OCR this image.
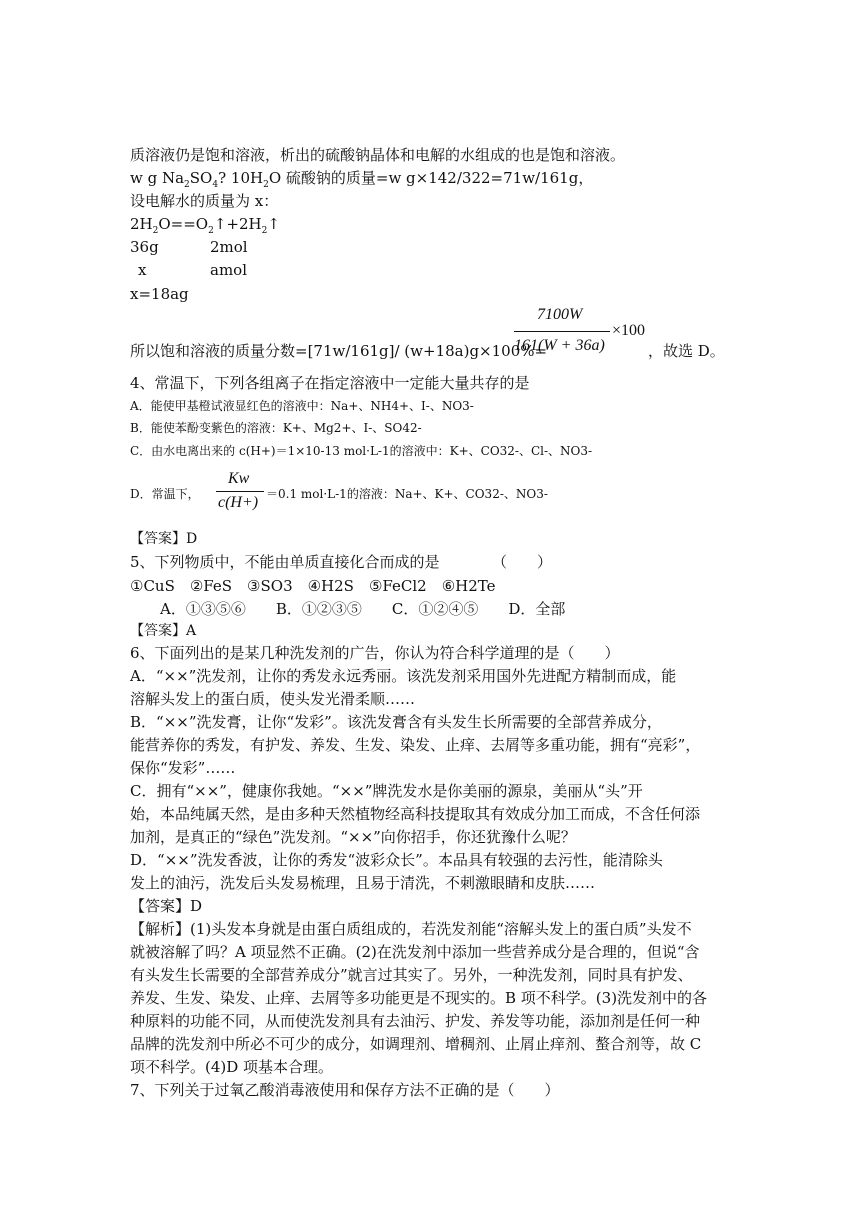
质溶液仍是饱和溶液，析出的硫酸钠晶体和电解的水组成的也是饱和溶液。
w g $Na_2SO_4$? $10H_2O$ 硫酸钠的质量=w g×142/322=71w/161g，
设电解水的质量为 x：
$2H_2O==O_2↑+2H_2↑$
36g	2mol
x	amol
x=18ag
所以饱和溶液的质量分数=[71w/161g]/ (w+18a)g×100%=
7100W
161(W + 36a)
×100
，故选 D。
4、常温下，下列各组离子在指定溶液中一定能大量共存的是
A．能使甲基橙试液显红色的溶液中：Na+、NH4+、I-、NO3-
B．能使苯酚变紫色的溶液：K+、Mg2+、I-、SO42-
C．由水电离出来的 c(H+)＝1×10-13 mol·L-1的溶液中：K+、CO32-、Cl-、NO3-
D．常温下，
Kw
c(H+) ＝0.1 mol·L-1的溶液：Na+、K+、CO32-、NO3-
【答案】D
5、下列物质中，不能由单质直接化合而成的是　　　　（　　）
①CuS　②FeS　③SO3　④H2S　⑤FeCl2　⑥H2Te
A．①③⑤⑥　　B．①②③⑤　　C．①②④⑤　　D．全部
【答案】A
6、下面列出的是某几种洗发剂的广告，你认为符合科学道理的是（　　）
A．“××”洗发剂，让你的秀发永远秀丽。该洗发剂采用国外先进配方精制而成，能
溶解头发上的蛋白质，使头发光滑柔顺……
B．“××”洗发膏，让你“发彩”。该洗发膏含有头发生长所需要的全部营养成分，
能营养你的秀发，有护发、养发、生发、染发、止痒、去屑等多重功能，拥有“亮彩”，
保你“发彩”……
C．拥有“××”，健康你我她。“××”牌洗发水是你美丽的源泉，美丽从“头”开
始，本品纯属天然，是由多种天然植物经高科技提取其有效成分加工而成，不含任何添
加剂，是真正的“绿色”洗发剂。“××”向你招手，你还犹豫什么呢？
D．“××”洗发香波，让你的秀发“波彩众长”。本品具有较强的去污性，能清除头
发上的油污，洗发后头发易梳理，且易于清洗，不刺激眼睛和皮肤……
【答案】D
【解析】(1)头发本身就是由蛋白质组成的，若洗发剂能“溶解头发上的蛋白质”头发不
就被溶解了吗？A 项显然不正确。(2)在洗发剂中添加一些营养成分是合理的，但说“含
有头发生长需要的全部营养成分”就言过其实了。另外，一种洗发剂，同时具有护发、
养发、生发、染发、止痒、去屑等多功能更是不现实的。B 项不科学。(3)洗发剂中的各
种原料的功能不同，从而使洗发剂具有去油污、护发、养发等功能，添加剂是任何一种
品牌的洗发剂中所必不可少的成分，如调理剂、增稠剂、止屑止痒剂、螯合剂等，故 C
项不科学。(4)D 项基本合理。
7、下列关于过氧乙酸消毒液使用和保存方法不正确的是（　　）
